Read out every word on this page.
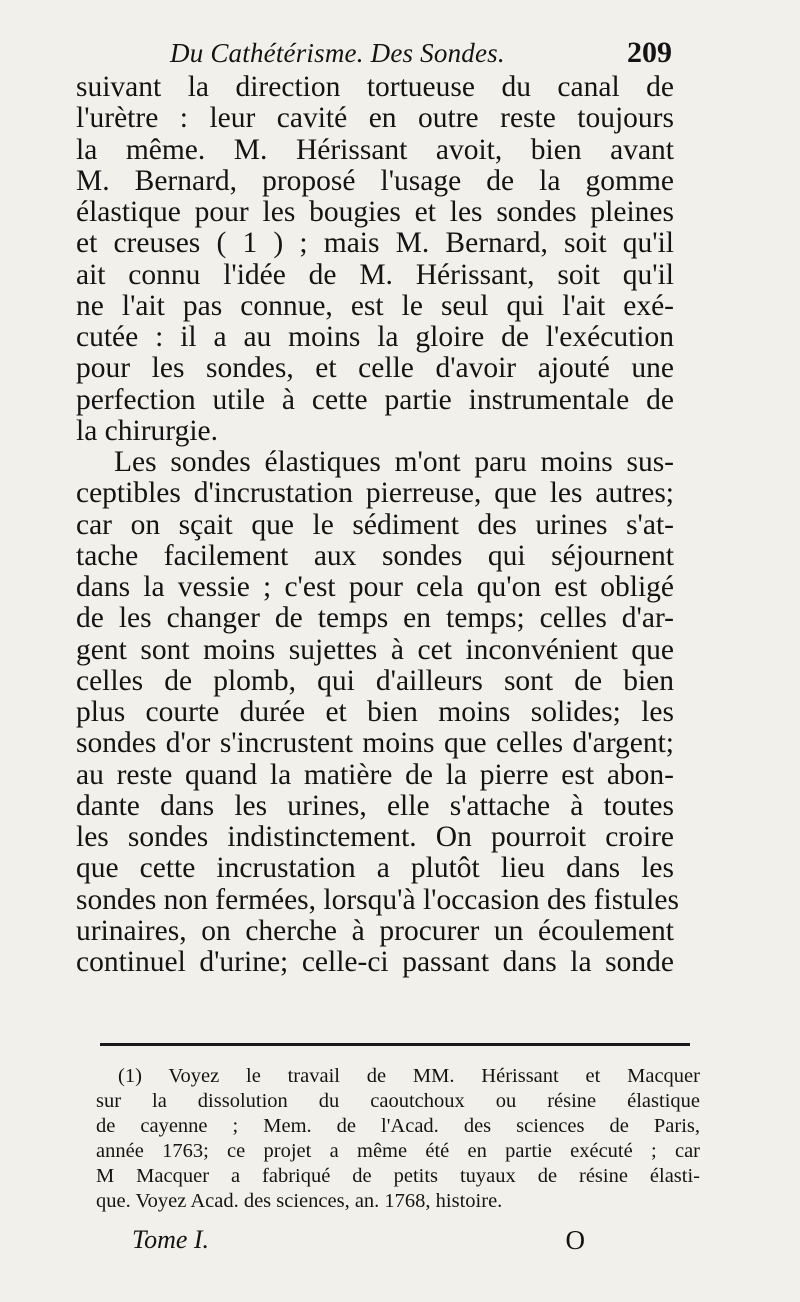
Du Cathétérisme. Des Sondes.	209

suivant la direction tortueuse du canal de
l'urètre : leur cavité en outre reste toujours
la même. M. Hérissant avoit, bien avant
M. Bernard, proposé l'usage de la gomme
élastique pour les bougies et les sondes pleines
et creuses ( 1 ) ; mais M. Bernard, soit qu'il
ait connu l'idée de M. Hérissant, soit qu'il
ne l'ait pas connue, est le seul qui l'ait exé-
cutée : il a au moins la gloire de l'exécution
pour les sondes, et celle d'avoir ajouté une
perfection utile à cette partie instrumentale de
la chirurgie.

Les sondes élastiques m'ont paru moins sus-
ceptibles d'incrustation pierreuse, que les autres;
car on sçait que le sédiment des urines s'at-
tache facilement aux sondes qui séjournent
dans la vessie ; c'est pour cela qu'on est obligé
de les changer de temps en temps; celles d'ar-
gent sont moins sujettes à cet inconvénient que
celles de plomb, qui d'ailleurs sont de bien
plus courte durée et bien moins solides; les
sondes d'or s'incrustent moins que celles d'argent;
au reste quand la matière de la pierre est abon-
dante dans les urines, elle s'attache à toutes
les sondes indistinctement. On pourroit croire
que cette incrustation a plutôt lieu dans les
sondes non fermées, lorsqu'à l'occasion des fistules
urinaires, on cherche à procurer un écoulement
continuel d'urine; celle-ci passant dans la sonde

(1) Voyez le travail de MM. Hérissant et Macquer
sur la dissolution du caoutchoux ou résine élastique
de cayenne ; Mem. de l'Acad. des sciences de Paris,
année 1763; ce projet a même été en partie exécuté ; car
M Macquer a fabriqué de petits tuyaux de résine élasti-
que. Voyez Acad. des sciences, an. 1768, histoire.
Tome I.	O
